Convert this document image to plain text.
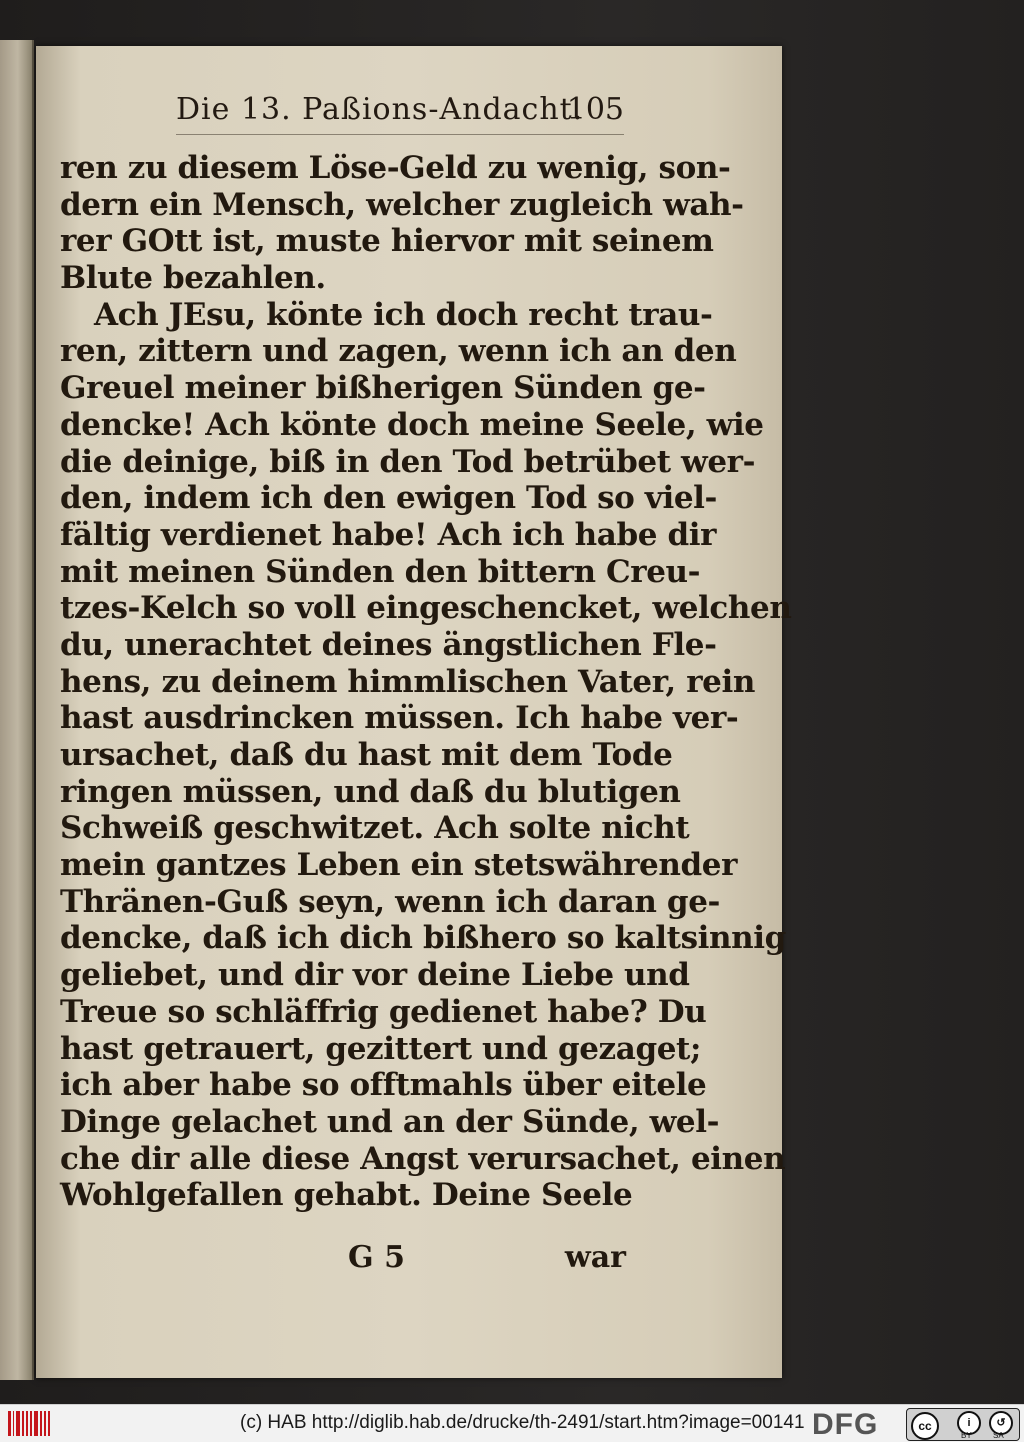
Die 13. Paßions-Andacht.
105
ren zu diesem Löse-Geld zu wenig, son-
dern ein Mensch, welcher zugleich wah-
rer GOtt ist, muste hiervor mit seinem
Blute bezahlen.
Ach JEsu, könte ich doch recht trau-
ren, zittern und zagen, wenn ich an den
Greuel meiner bißherigen Sünden ge-
dencke! Ach könte doch meine Seele, wie
die deinige, biß in den Tod betrübet wer-
den, indem ich den ewigen Tod so viel-
fältig verdienet habe! Ach ich habe dir
mit meinen Sünden den bittern Creu-
tzes-Kelch so voll eingeschencket, welchen
du, unerachtet deines ängstlichen Fle-
hens, zu deinem himmlischen Vater, rein
hast ausdrincken müssen. Ich habe ver-
ursachet, daß du hast mit dem Tode
ringen müssen, und daß du blutigen
Schweiß geschwitzet. Ach solte nicht
mein gantzes Leben ein stetswährender
Thränen-Guß seyn, wenn ich daran ge-
dencke, daß ich dich bißhero so kaltsinnig
geliebet, und dir vor deine Liebe und
Treue so schläffrig gedienet habe? Du
hast getrauert, gezittert und gezaget;
ich aber habe so offtmahls über eitele
Dinge gelachet und an der Sünde, wel-
che dir alle diese Angst verursachet, einen
Wohlgefallen gehabt. Deine Seele
G 5	war
(c) HAB http://diglib.hab.de/drucke/th-2491/start.htm?image=00141 DFG	cc	i	↺
BY	SA
